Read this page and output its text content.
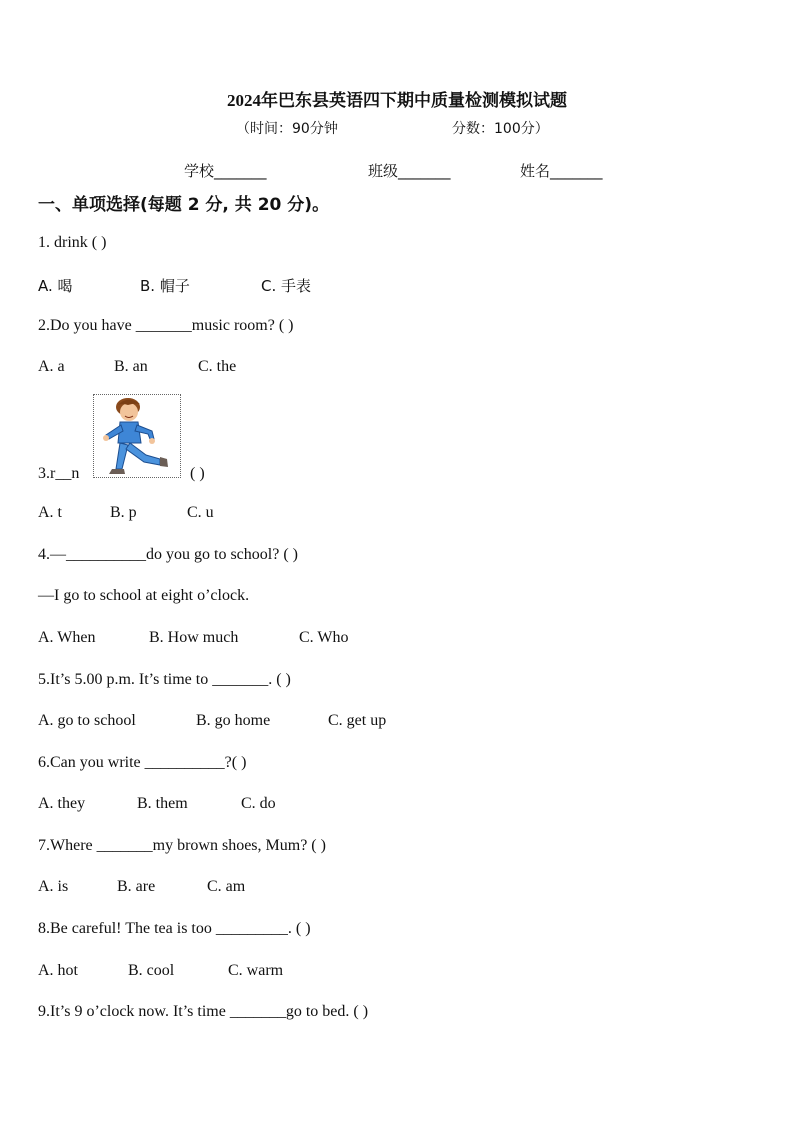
2024年巴东县英语四下期中质量检测模拟试题
（时间：90分钟	分数：100分）
学校_______	班级_______	姓名_______
一、单项选择(每题 2 分, 共 20 分)。
1. drink ( )
A. 喝	B. 帽子	C. 手表
2.Do you have _______music room? ( )
A. a	B. an	C. the
3.r__n	( )
A. t	B. p	C. u
4.—__________do you go to school? ( )
—I go to school at eight o’clock.
A. When	B. How much	C. Who
5.It’s 5.00 p.m. It’s time to _______. ( )
A. go to school	B. go home	C. get up
6.Can you write __________?( )
A. they	B. them	C. do
7.Where _______my brown shoes, Mum? ( )
A. is	B. are	C. am
8.Be careful! The tea is too _________. ( )
A. hot	B. cool	C. warm
9.It’s 9 o’clock now. It’s time _______go to bed. ( )
